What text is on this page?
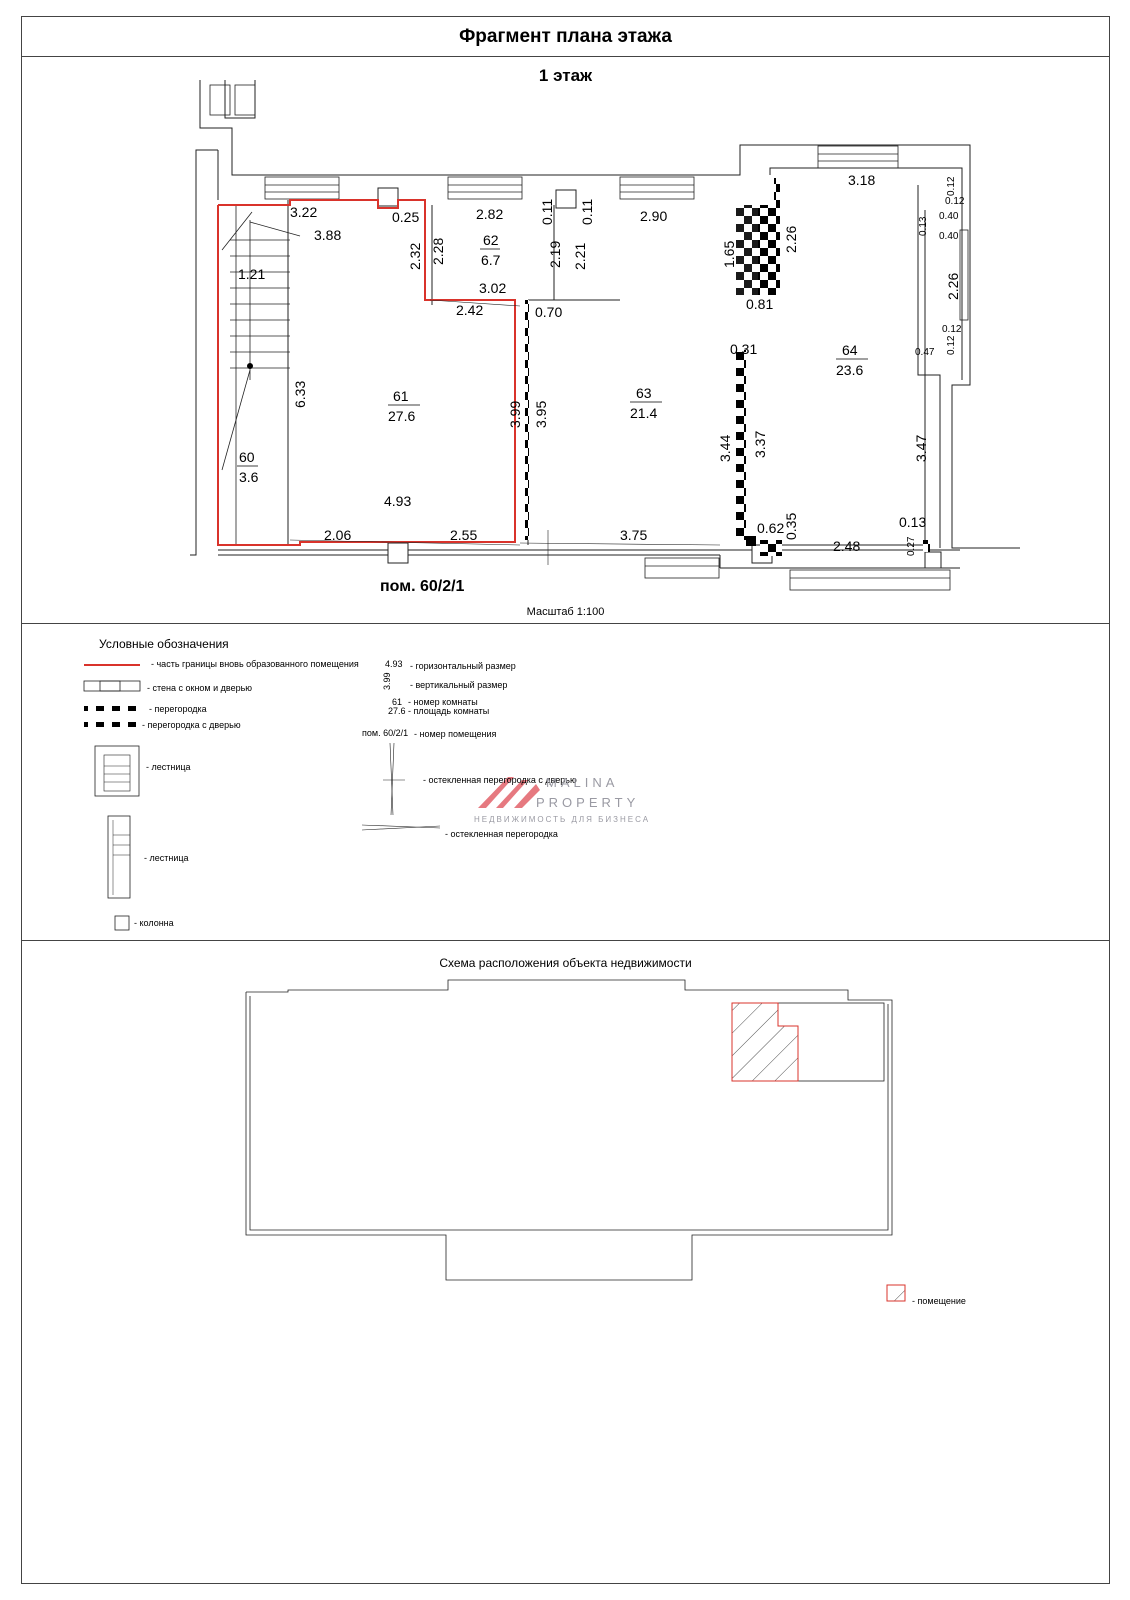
Фрагмент плана этажа
1 этаж
60
3.6
61
27.6
62
6.7
63
21.4
64
23.6
3.22
3.88
0.25	2.82	0.11 0.11	2.90
3.18	0.12
0.12
0.13
0.40
0.40
1.21
2.32 2.28	2.19 2.21	1.65
2.26
2.26
3.02
0.81
2.42	0.70
0.12
0.12
0.47
0.31
6.33
3.99 3.95
3.44 3.37	3.47
4.93
0.62
0.35	0.13
0.27
2.06	2.55	3.75
2.48
пом. 60/2/1
Масштаб 1:100
Условные обозначения
- часть границы вновь образованного помещения
- стена с окном и дверью
- перегородка
- перегородка с дверью
- лестница
- лестница
- колонна
4.93 - горизонтальный размер
3.99 - вертикальный размер
61
27.6
- номер комнаты
- площадь комнаты
пом. 60/2/1 - номер помещения
- остекленная перегородка с дверью
- остекленная перегородка
MALINA
PROPERTY
НЕДВИЖИМОСТЬ ДЛЯ БИЗНЕСА
Схема расположения объекта недвижимости
- помещение
